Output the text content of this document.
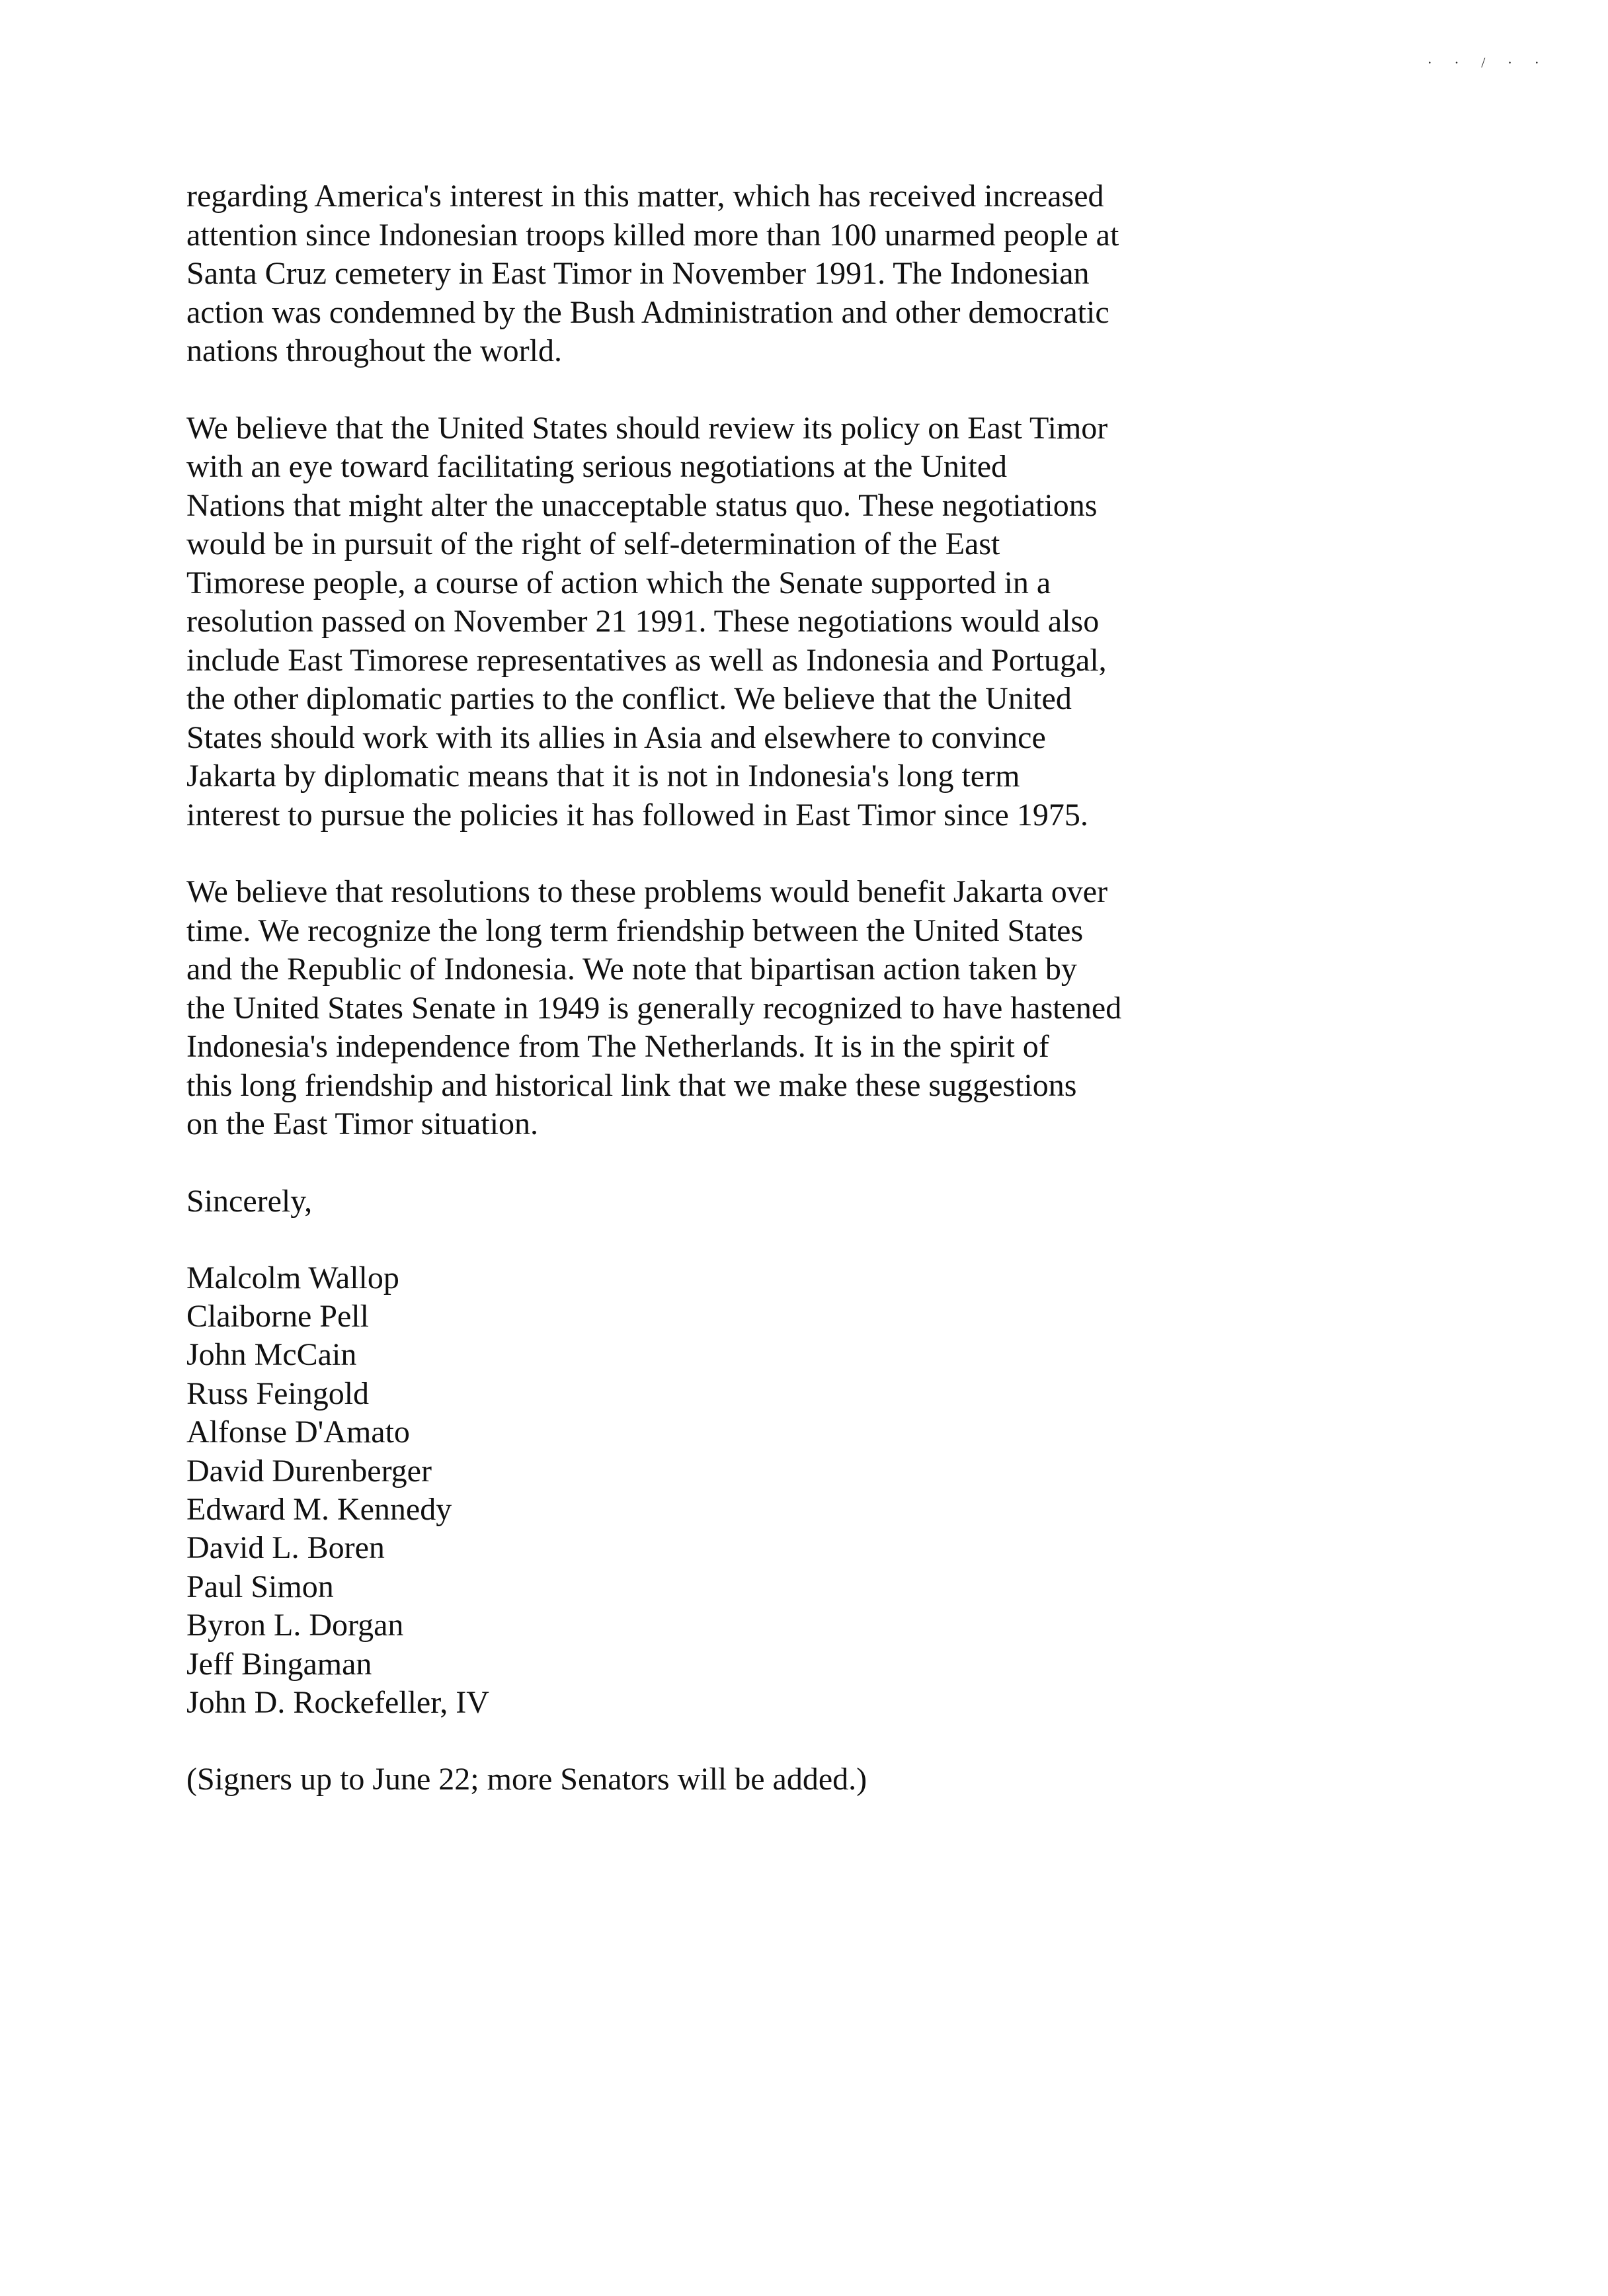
· · / · ·

regarding America's interest in this matter, which has received increased
attention since Indonesian troops killed more than 100 unarmed people at
Santa Cruz cemetery in East Timor in November 1991. The Indonesian
action was condemned by the Bush Administration and other democratic
nations throughout the world.

We believe that the United States should review its policy on East Timor
with an eye toward facilitating serious negotiations at the United
Nations that might alter the unacceptable status quo. These negotiations
would be in pursuit of the right of self-determination of the East
Timorese people, a course of action which the Senate supported in a
resolution passed on November 21 1991. These negotiations would also
include East Timorese representatives as well as Indonesia and Portugal,
the other diplomatic parties to the conflict. We believe that the United
States should work with its allies in Asia and elsewhere to convince
Jakarta by diplomatic means that it is not in Indonesia's long term
interest to pursue the policies it has followed in East Timor since 1975.

We believe that resolutions to these problems would benefit Jakarta over
time. We recognize the long term friendship between the United States
and the Republic of Indonesia. We note that bipartisan action taken by
the United States Senate in 1949 is generally recognized to have hastened
Indonesia's independence from The Netherlands. It is in the spirit of
this long friendship and historical link that we make these suggestions
on the East Timor situation.

Sincerely,

Malcolm Wallop
Claiborne Pell
John McCain
Russ Feingold
Alfonse D'Amato
David Durenberger
Edward M. Kennedy
David L. Boren
Paul Simon
Byron L. Dorgan
Jeff Bingaman
John D. Rockefeller, IV

(Signers up to June 22; more Senators will be added.)
